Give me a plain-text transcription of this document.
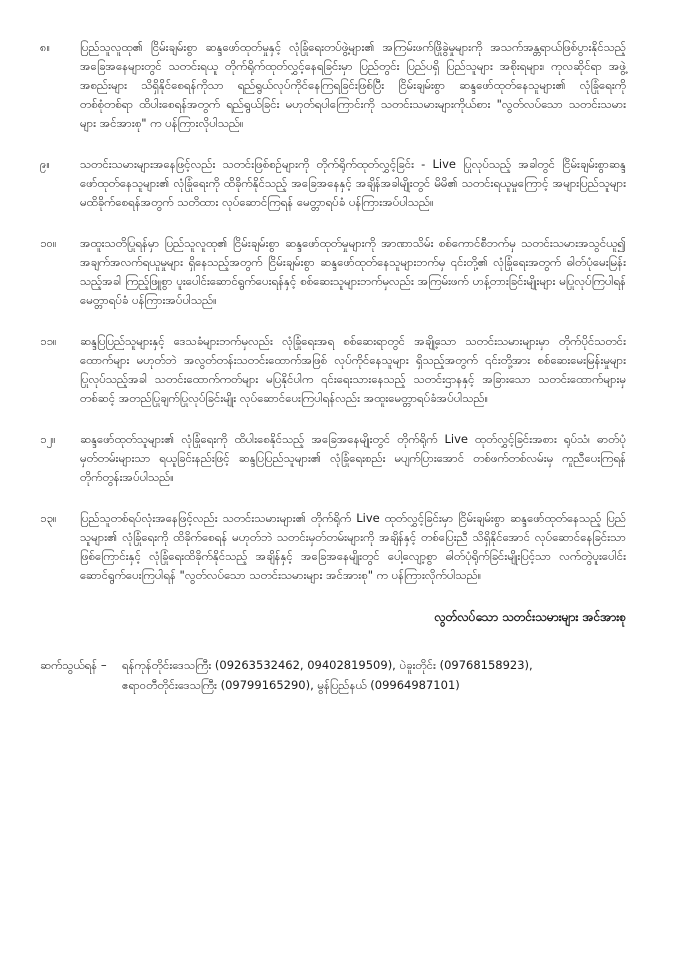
၈။	ပြည်သူလူထု၏ ငြိမ်းချမ်းစွာ ဆန္ဒဖော်ထုတ်မှုနှင့် လုံခြုံရေးတပ်ဖွဲ့များ၏ အကြမ်းဖက်ဖြိုခွဲမှုများကို အသက်အန္တရာယ်ဖြစ်ပွားနိုင်သည့် အခြေအနေများတွင် သတင်းရယူ တိုက်ရိုက်ထုတ်လွှင့်နေရခြင်းမှာ ပြည်တွင်း ပြည်ပရှိ ပြည်သူများ အစိုးရများ၊ ကုလဆိုင်ရာ အဖွဲ့အစည်းများ သိရှိနိုင်စေရန်ကိုသာ ရည်ရွယ်လုပ်ကိုင်နေကြရခြင်းဖြစ်ပြီး ငြိမ်းချမ်းစွာ ဆန္ဒဖော်ထုတ်နေသူများ၏ လုံခြုံရေးကို တစ်စုံတစ်ရာ ထိပါးစေရန်အတွက် ရည်ရွယ်ခြင်း မဟုတ်ရပါကြောင်းကို သတင်းသမားများကိုယ်စား "လွတ်လပ်သော သတင်းသမားများ အင်အားစု" က ပန်ကြားလိုပါသည်။
၉။	သတင်းသမားများအနေဖြင့်လည်း သတင်းဖြစ်စဉ်များကို တိုက်ရိုက်ထုတ်လွှင့်ခြင်း - Live ပြုလုပ်သည့် အခါတွင် ငြိမ်းချမ်းစွာဆန္ဒဖော်ထုတ်နေသူများ၏ လုံခြုံရေးကို ထိခိုက်နိုင်သည့် အခြေအနေနှင့် အချိန်အခါမျိုးတွင် မိမိ၏ သတင်းရယူမှုကြောင့် အများပြည်သူများ မထိခိုက်စေရန်အတွက် သတိထား လုပ်ဆောင်ကြရန် မေတ္တာရပ်ခံ ပန်ကြားအပ်ပါသည်။
၁၀။	အထူးသတိပြုရန်မှာ ပြည်သူလူထု၏ ငြိမ်းချမ်းစွာ ဆန္ဒဖော်ထုတ်မှုများကို အာဏာသိမ်း စစ်ကောင်စီဘက်မှ သတင်းသမားအသွင်ယူ၍ အချက်အလက်ရယူမှုများ ရှိနေသည့်အတွက် ငြိမ်းချမ်းစွာ ဆန္ဒဖော်ထုတ်နေသူများဘက်မှ ၎င်းတို့၏ လုံခြုံရေးအတွက် ဓါတ်ပုံမေးမြန်းသည့်အခါ ကြည့်ဖြူစွာ ပူးပေါင်းဆောင်ရွက်ပေးရန်နှင့် စစ်ဆေးသူများဘက်မှလည်း အကြမ်းဖက် ဟန့်တားခြင်းမျိုးများ မပြုလုပ်ကြပါရန် မေတ္တာရပ်ခံ ပန်ကြားအပ်ပါသည်။
၁၁။	ဆန္ဒပြပြည်သူများနှင့် ဒေသခံများဘက်မှလည်း လုံခြုံရေးအရ စစ်ဆေးရာတွင် အချို့သော သတင်းသမားများမှာ တိုက်ပိုင်သတင်းထောက်များ မဟုတ်ဘဲ အလွတ်တန်းသတင်းထောက်အဖြစ် လုပ်ကိုင်နေသူများ ရှိသည့်အတွက် ၎င်းတို့အား စစ်ဆေးမေးမြန်းမှုများ ပြုလုပ်သည့်အခါ သတင်းထောက်ကတ်များ မပြနိုင်ပါက ၎င်းရေးသားနေသည့် သတင်းဌာနနှင့် အခြားသော သတင်းထောက်များမှတစ်ဆင့် အတည်ပြုချက်ပြုလုပ်ခြင်းမျိုး လုပ်ဆောင်ပေးကြပါရန်လည်း အထူးမေတ္တာရပ်ခံအပ်ပါသည်။
၁၂။	ဆန္ဒဖော်ထုတ်သူများ၏ လုံခြုံရေးကို ထိပါးစေနိုင်သည့် အခြေအနေမျိုးတွင် တိုက်ရိုက် Live ထုတ်လွှင့်ခြင်းအစား ရုပ်သံ၊ ဓာတ်ပုံမှတ်တမ်းများသာ ရယူခြင်းနည်းဖြင့် ဆန္ဒပြပြည်သူများ၏ လုံခြုံရေးစည်း မပျက်ပြားအောင် တစ်ဖက်တစ်လမ်းမှ ကူညီပေးကြရန် တိုက်တွန်းအပ်ပါသည်။
၁၃။	ပြည်သူတစ်ရပ်လုံးအနေဖြင့်လည်း သတင်းသမားများ၏ တိုက်ရိုက် Live ထုတ်လွှင့်ခြင်းမှာ ငြိမ်းချမ်းစွာ ဆန္ဒဖော်ထုတ်နေသည့် ပြည်သူများ၏ လုံခြုံရေးကို ထိခိုက်စေရန် မဟုတ်ဘဲ သတင်းမှတ်တမ်းများကို အချိန်နှင့် တစ်ပြေးညီ သိရှိနိုင်အောင် လုပ်ဆောင်နေခြင်းသာဖြစ်ကြောင်းနှင့် လုံခြုံရေးထိခိုက်နိုင်သည့် အချိန်နှင့် အခြေအနေမျိုးတွင် ပေါ့လျော့စွာ ဓါတ်ပုံရိုက်ခြင်းမျိုးပြင့်သာ လက်တွဲပူးပေါင်းဆောင်ရွက်ပေးကြပါရန် "လွတ်လပ်သော သတင်းသမားများ အင်အားစု" က ပန်ကြားလိုက်ပါသည်။
လွတ်လပ်သော သတင်းသမားများ အင်အားစု
ဆက်သွယ်ရန် –	ရန်ကုန်တိုင်းဒေသကြီး (09263532462, 09402819509), ပဲခူးတိုင်း (09768158923),
ဧရာဝတီတိုင်းဒေသကြီး (09799165290), မွန်ပြည်နယ် (09964987101)
